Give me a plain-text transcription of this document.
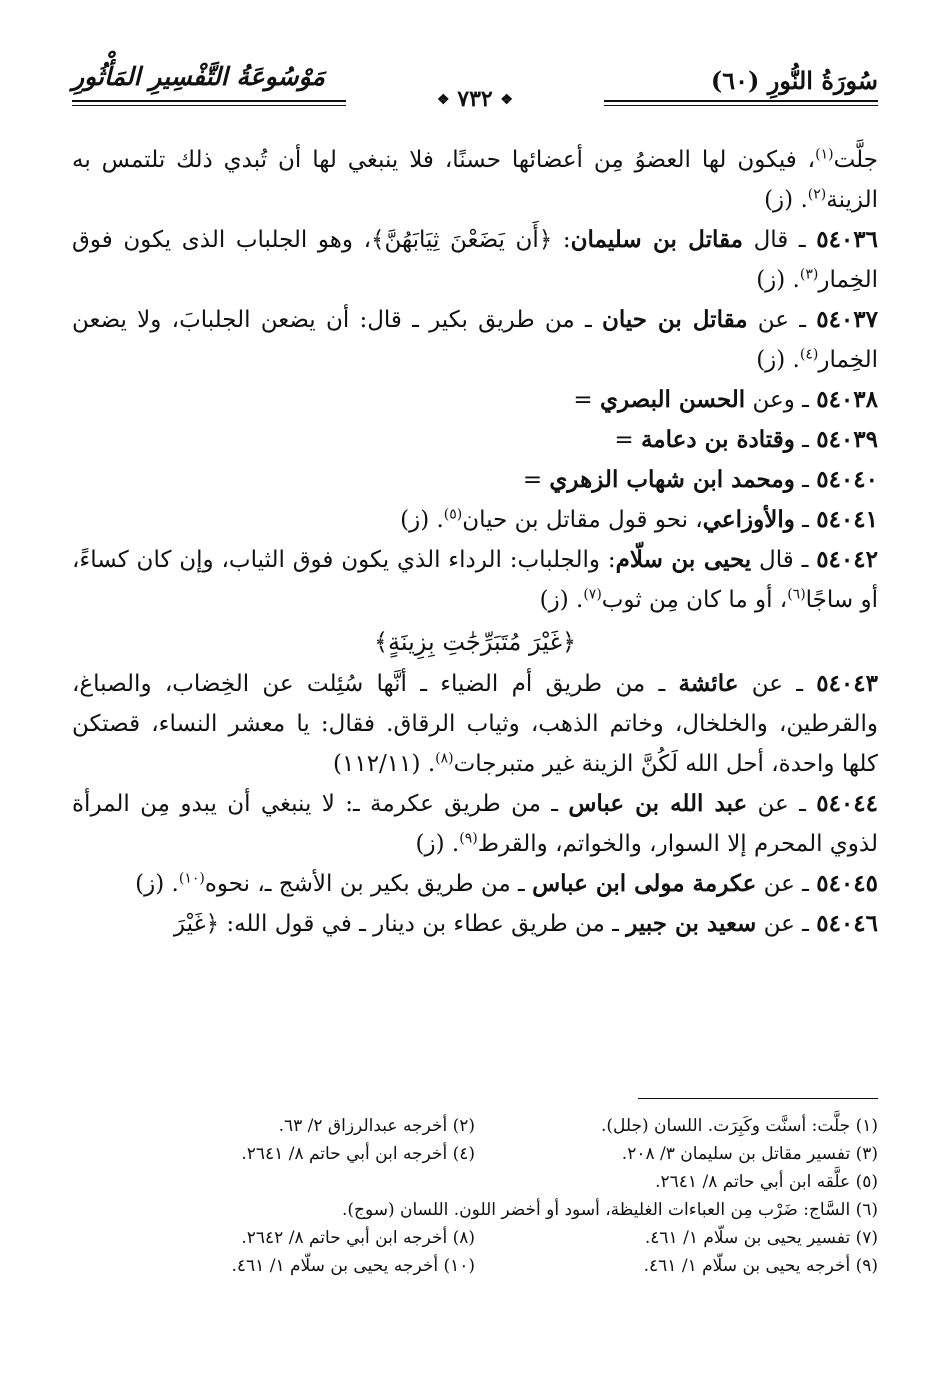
سُورَةُ النُّورِ (٦٠)
مَوْسُوعَةُ التَّفْسِيرِ المَأْثُورِ
❖ ٧٣٢ ❖

جلَّت$^{(١)}$، فيكون لها العضوُ مِن أعضائها حسنًا، فلا ينبغي لها أن تُبدي ذلك تلتمس به الزينة$^{(٢)}$. (ز)

٥٤٠٣٦ ـ قال مقاتل بن سليمان: ﴿أَن يَضَعْنَ ثِيَابَهُنَّ﴾، وهو الجلباب الذى يكون فوق الخِمار$^{(٣)}$. (ز)

٥٤٠٣٧ ـ عن مقاتل بن حيان ـ من طريق بكير ـ قال: أن يضعن الجلبابَ، ولا يضعن الخِمار$^{(٤)}$. (ز)

٥٤٠٣٨ ـ وعن الحسن البصري =

٥٤٠٣٩ ـ وقتادة بن دعامة =

٥٤٠٤٠ ـ ومحمد ابن شهاب الزهري =

٥٤٠٤١ ـ والأوزاعي، نحو قول مقاتل بن حيان$^{(٥)}$. (ز)

٥٤٠٤٢ ـ قال يحيى بن سلّام: والجلباب: الرداء الذي يكون فوق الثياب، وإن كان كساءً، أو ساجًا$^{(٦)}$، أو ما كان مِن ثوب$^{(٧)}$. (ز)

﴿غَيْرَ مُتَبَرِّجَٰتِ بِزِينَةٍ﴾

٥٤٠٤٣ ـ عن عائشة ـ من طريق أم الضياء ـ أنَّها سُئِلت عن الخِضاب، والصباغ، والقرطين، والخلخال، وخاتم الذهب، وثياب الرقاق. فقال: يا معشر النساء، قصتكن كلها واحدة، أحل الله لَكُنَّ الزينة غير متبرجات$^{(٨)}$. (١١٢/١١)

٥٤٠٤٤ ـ عن عبد الله بن عباس ـ من طريق عكرمة ـ: لا ينبغي أن يبدو مِن المرأة لذوي المحرم إلا السوار، والخواتم، والقرط$^{(٩)}$. (ز)

٥٤٠٤٥ ـ عن عكرمة مولى ابن عباس ـ من طريق بكير بن الأشج ـ، نحوه$^{(١٠)}$. (ز)

٥٤٠٤٦ ـ عن سعيد بن جبير ـ من طريق عطاء بن دينار ـ في قول الله: ﴿غَيْرَ

(١) جلَّت: أسنَّت وكَبِرَت. اللسان (جلل).
(٢) أخرجه عبدالرزاق ٢/ ٦٣.
(٣) تفسير مقاتل بن سليمان ٣/ ٢٠٨.
(٤) أخرجه ابن أبي حاتم ٨/ ٢٦٤١.
(٥) علَّقه ابن أبي حاتم ٨/ ٢٦٤١.
(٦) السَّاج: ضَرْب مِن العباءات الغليظة، أسود أو أخضر اللون. اللسان (سوج).
(٧) تفسير يحيى بن سلّام ١/ ٤٦١.
(٨) أخرجه ابن أبي حاتم ٨/ ٢٦٤٢.
(٩) أخرجه يحيى بن سلّام ١/ ٤٦١.
(١٠) أخرجه يحيى بن سلّام ١/ ٤٦١.
